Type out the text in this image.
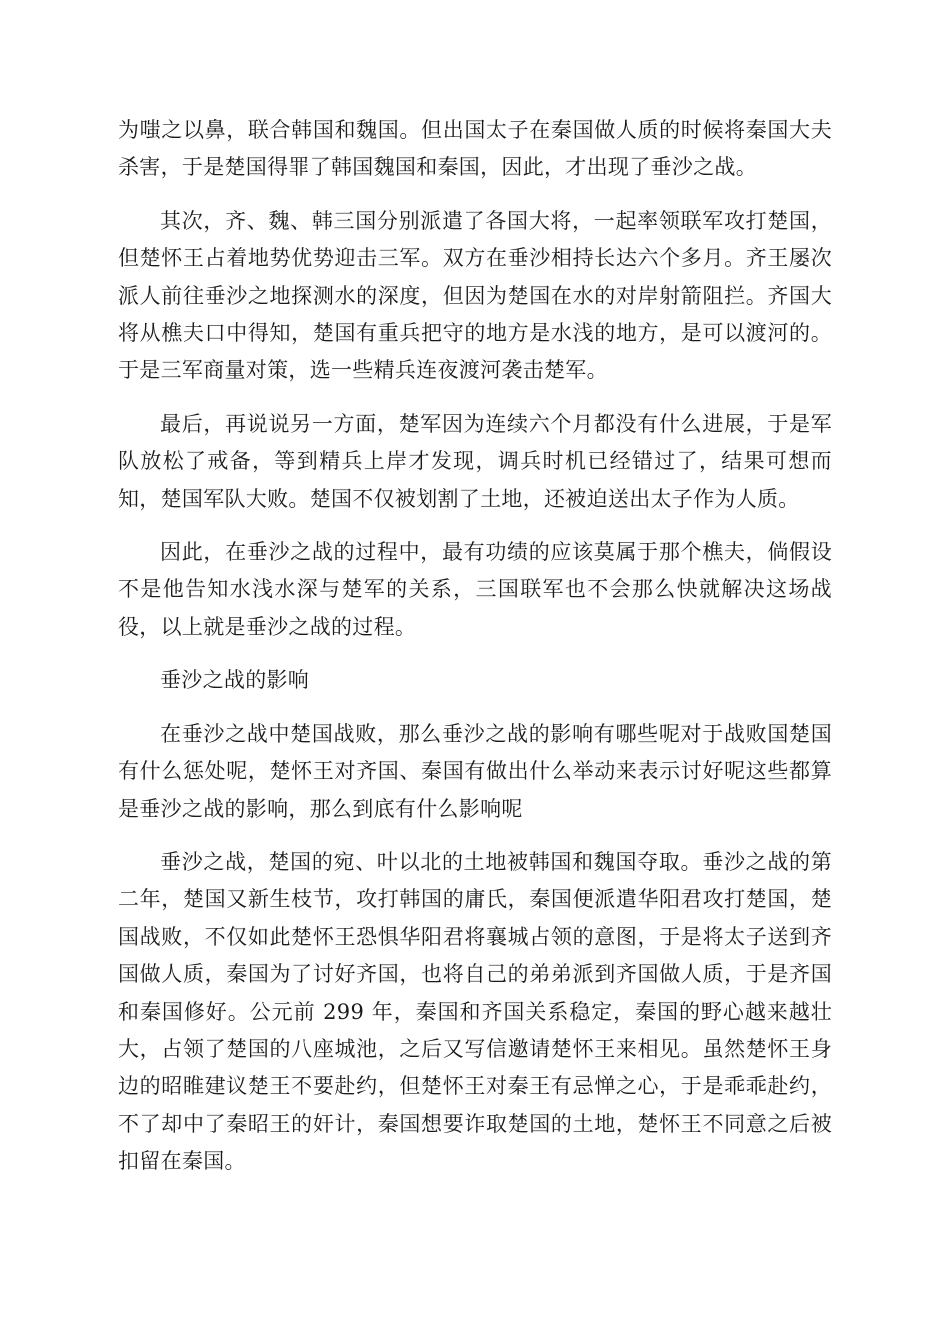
为嗤之以鼻，联合韩国和魏国。但出国太子在秦国做人质的时候将秦国大夫杀害，于是楚国得罪了韩国魏国和秦国，因此，才出现了垂沙之战。

其次，齐、魏、韩三国分别派遣了各国大将，一起率领联军攻打楚国，但楚怀王占着地势优势迎击三军。双方在垂沙相持长达六个多月。齐王屡次派人前往垂沙之地探测水的深度，但因为楚国在水的对岸射箭阻拦。齐国大将从樵夫口中得知，楚国有重兵把守的地方是水浅的地方，是可以渡河的。于是三军商量对策，选一些精兵连夜渡河袭击楚军。

最后，再说说另一方面，楚军因为连续六个月都没有什么进展，于是军队放松了戒备，等到精兵上岸才发现，调兵时机已经错过了，结果可想而知，楚国军队大败。楚国不仅被划割了土地，还被迫送出太子作为人质。

因此，在垂沙之战的过程中，最有功绩的应该莫属于那个樵夫，倘假设不是他告知水浅水深与楚军的关系，三国联军也不会那么快就解决这场战役，以上就是垂沙之战的过程。

垂沙之战的影响

在垂沙之战中楚国战败，那么垂沙之战的影响有哪些呢对于战败国楚国有什么惩处呢，楚怀王对齐国、秦国有做出什么举动来表示讨好呢这些都算是垂沙之战的影响，那么到底有什么影响呢

垂沙之战，楚国的宛、叶以北的土地被韩国和魏国夺取。垂沙之战的第二年，楚国又新生枝节，攻打韩国的庸氏，秦国便派遣华阳君攻打楚国，楚国战败，不仅如此楚怀王恐惧华阳君将襄城占领的意图，于是将太子送到齐国做人质，秦国为了讨好齐国，也将自己的弟弟派到齐国做人质，于是齐国和秦国修好。公元前 299 年，秦国和齐国关系稳定，秦国的野心越来越壮大，占领了楚国的八座城池，之后又写信邀请楚怀王来相见。虽然楚怀王身边的昭睢建议楚王不要赴约，但楚怀王对秦王有忌惮之心，于是乖乖赴约，不了却中了秦昭王的奸计，秦国想要诈取楚国的土地，楚怀王不同意之后被扣留在秦国。
